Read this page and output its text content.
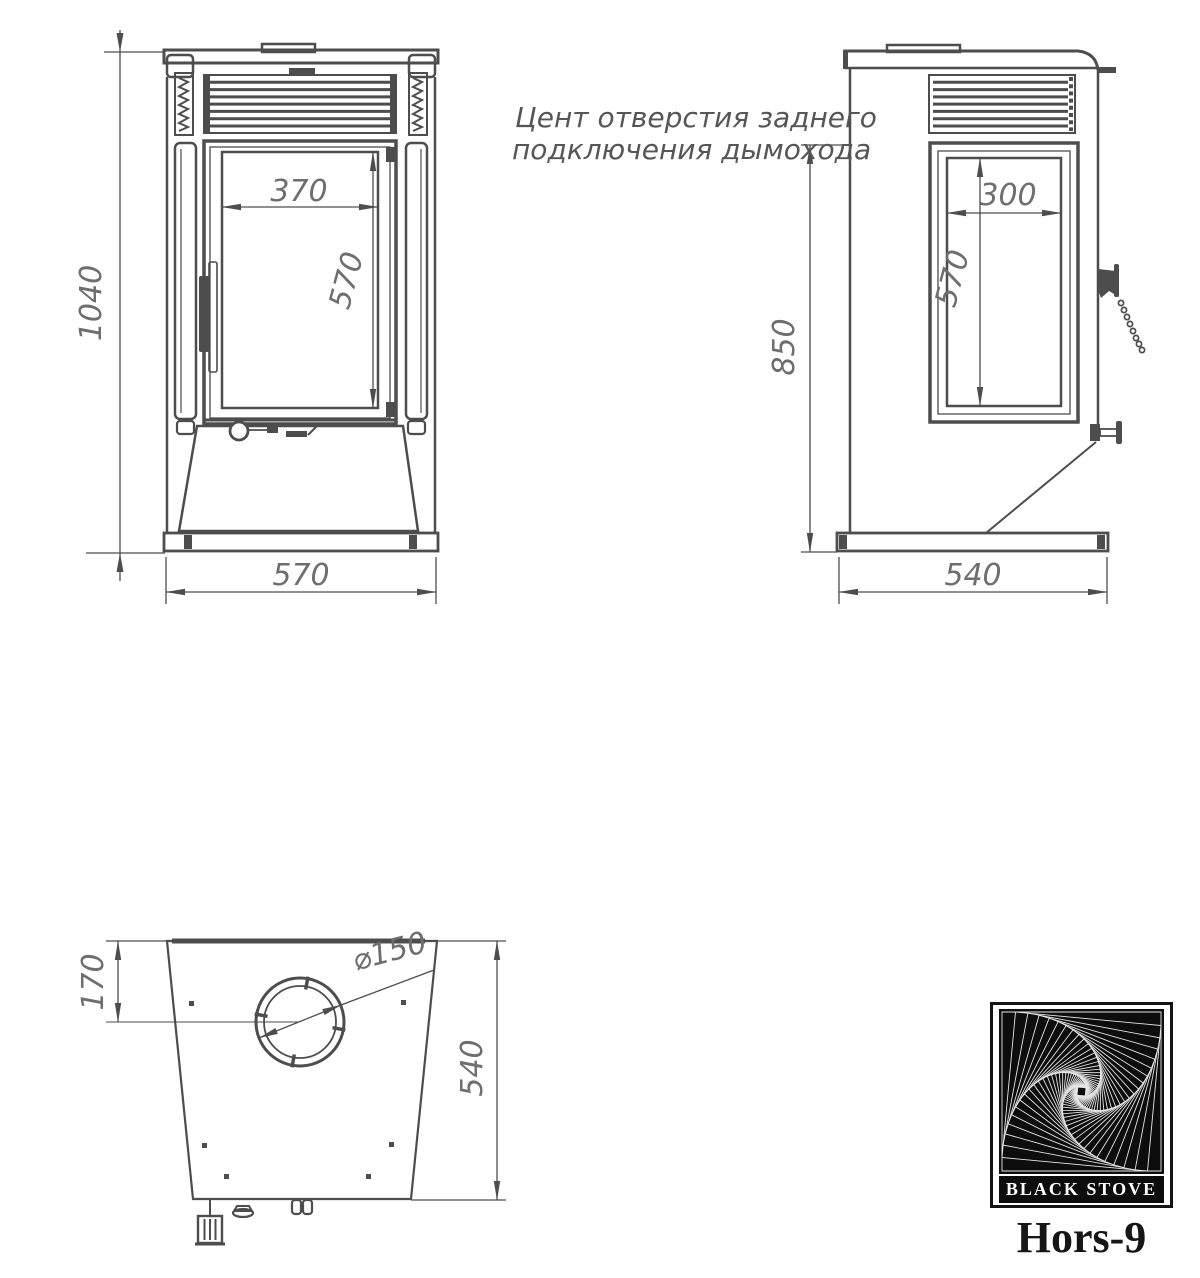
1040
370
570
570
850
300
570
540
Цент отверстия заднего
подключения дымохода
170
⌀150
540
BLACK STOVE
Hors-9
